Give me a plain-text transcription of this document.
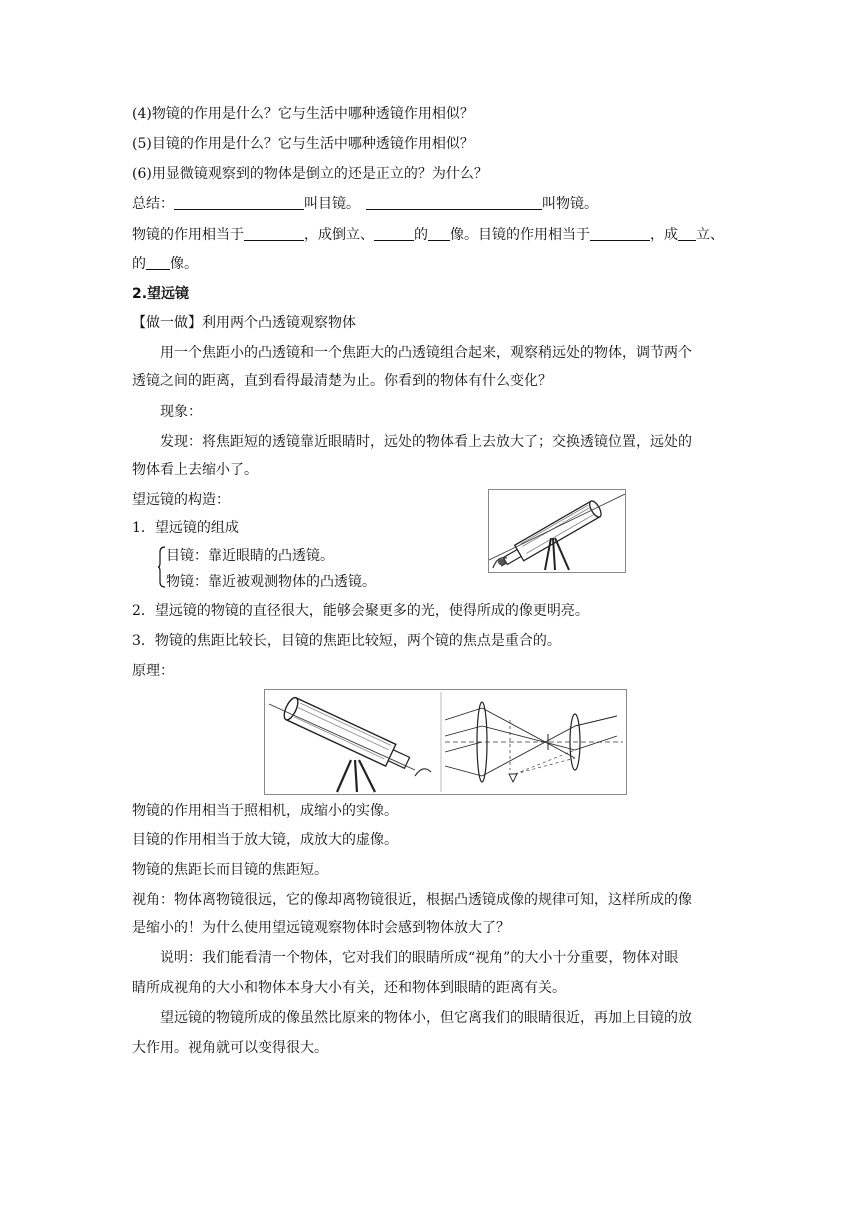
(4)物镜的作用是什么？它与生活中哪种透镜作用相似？
(5)目镜的作用是什么？它与生活中哪种透镜作用相似？
(6)用显微镜观察到的物体是倒立的还是正立的？为什么？
总结：	叫目镜。	叫物镜。
物镜的作用相当于	，成倒立、	的 像。目镜的作用相当于	，成 立、
的 像。
2.望远镜
【做一做】利用两个凸透镜观察物体
用一个焦距小的凸透镜和一个焦距大的凸透镜组合起来，观察稍远处的物体，调节两个
透镜之间的距离，直到看得最清楚为止。你看到的物体有什么变化？
现象：
发现：将焦距短的透镜靠近眼睛时，远处的物体看上去放大了；交换透镜位置，远处的
物体看上去缩小了。
望远镜的构造：
1．望远镜的组成
目镜：靠近眼睛的凸透镜。
物镜：靠近被观测物体的凸透镜。
2．望远镜的物镜的直径很大，能够会聚更多的光，使得所成的像更明亮。
3．物镜的焦距比较长，目镜的焦距比较短，两个镜的焦点是重合的。
原理：
物镜的作用相当于照相机，成缩小的实像。
目镜的作用相当于放大镜，成放大的虚像。
物镜的焦距长而目镜的焦距短。
视角：物体离物镜很远，它的像却离物镜很近，根据凸透镜成像的规律可知，这样所成的像
是缩小的！为什么使用望远镜观察物体时会感到物体放大了？
说明：我们能看清一个物体，它对我们的眼睛所成“视角”的大小十分重要，物体对眼
睛所成视角的大小和物体本身大小有关，还和物体到眼睛的距离有关。
望远镜的物镜所成的像虽然比原来的物体小，但它离我们的眼睛很近，再加上目镜的放
大作用。视角就可以变得很大。
